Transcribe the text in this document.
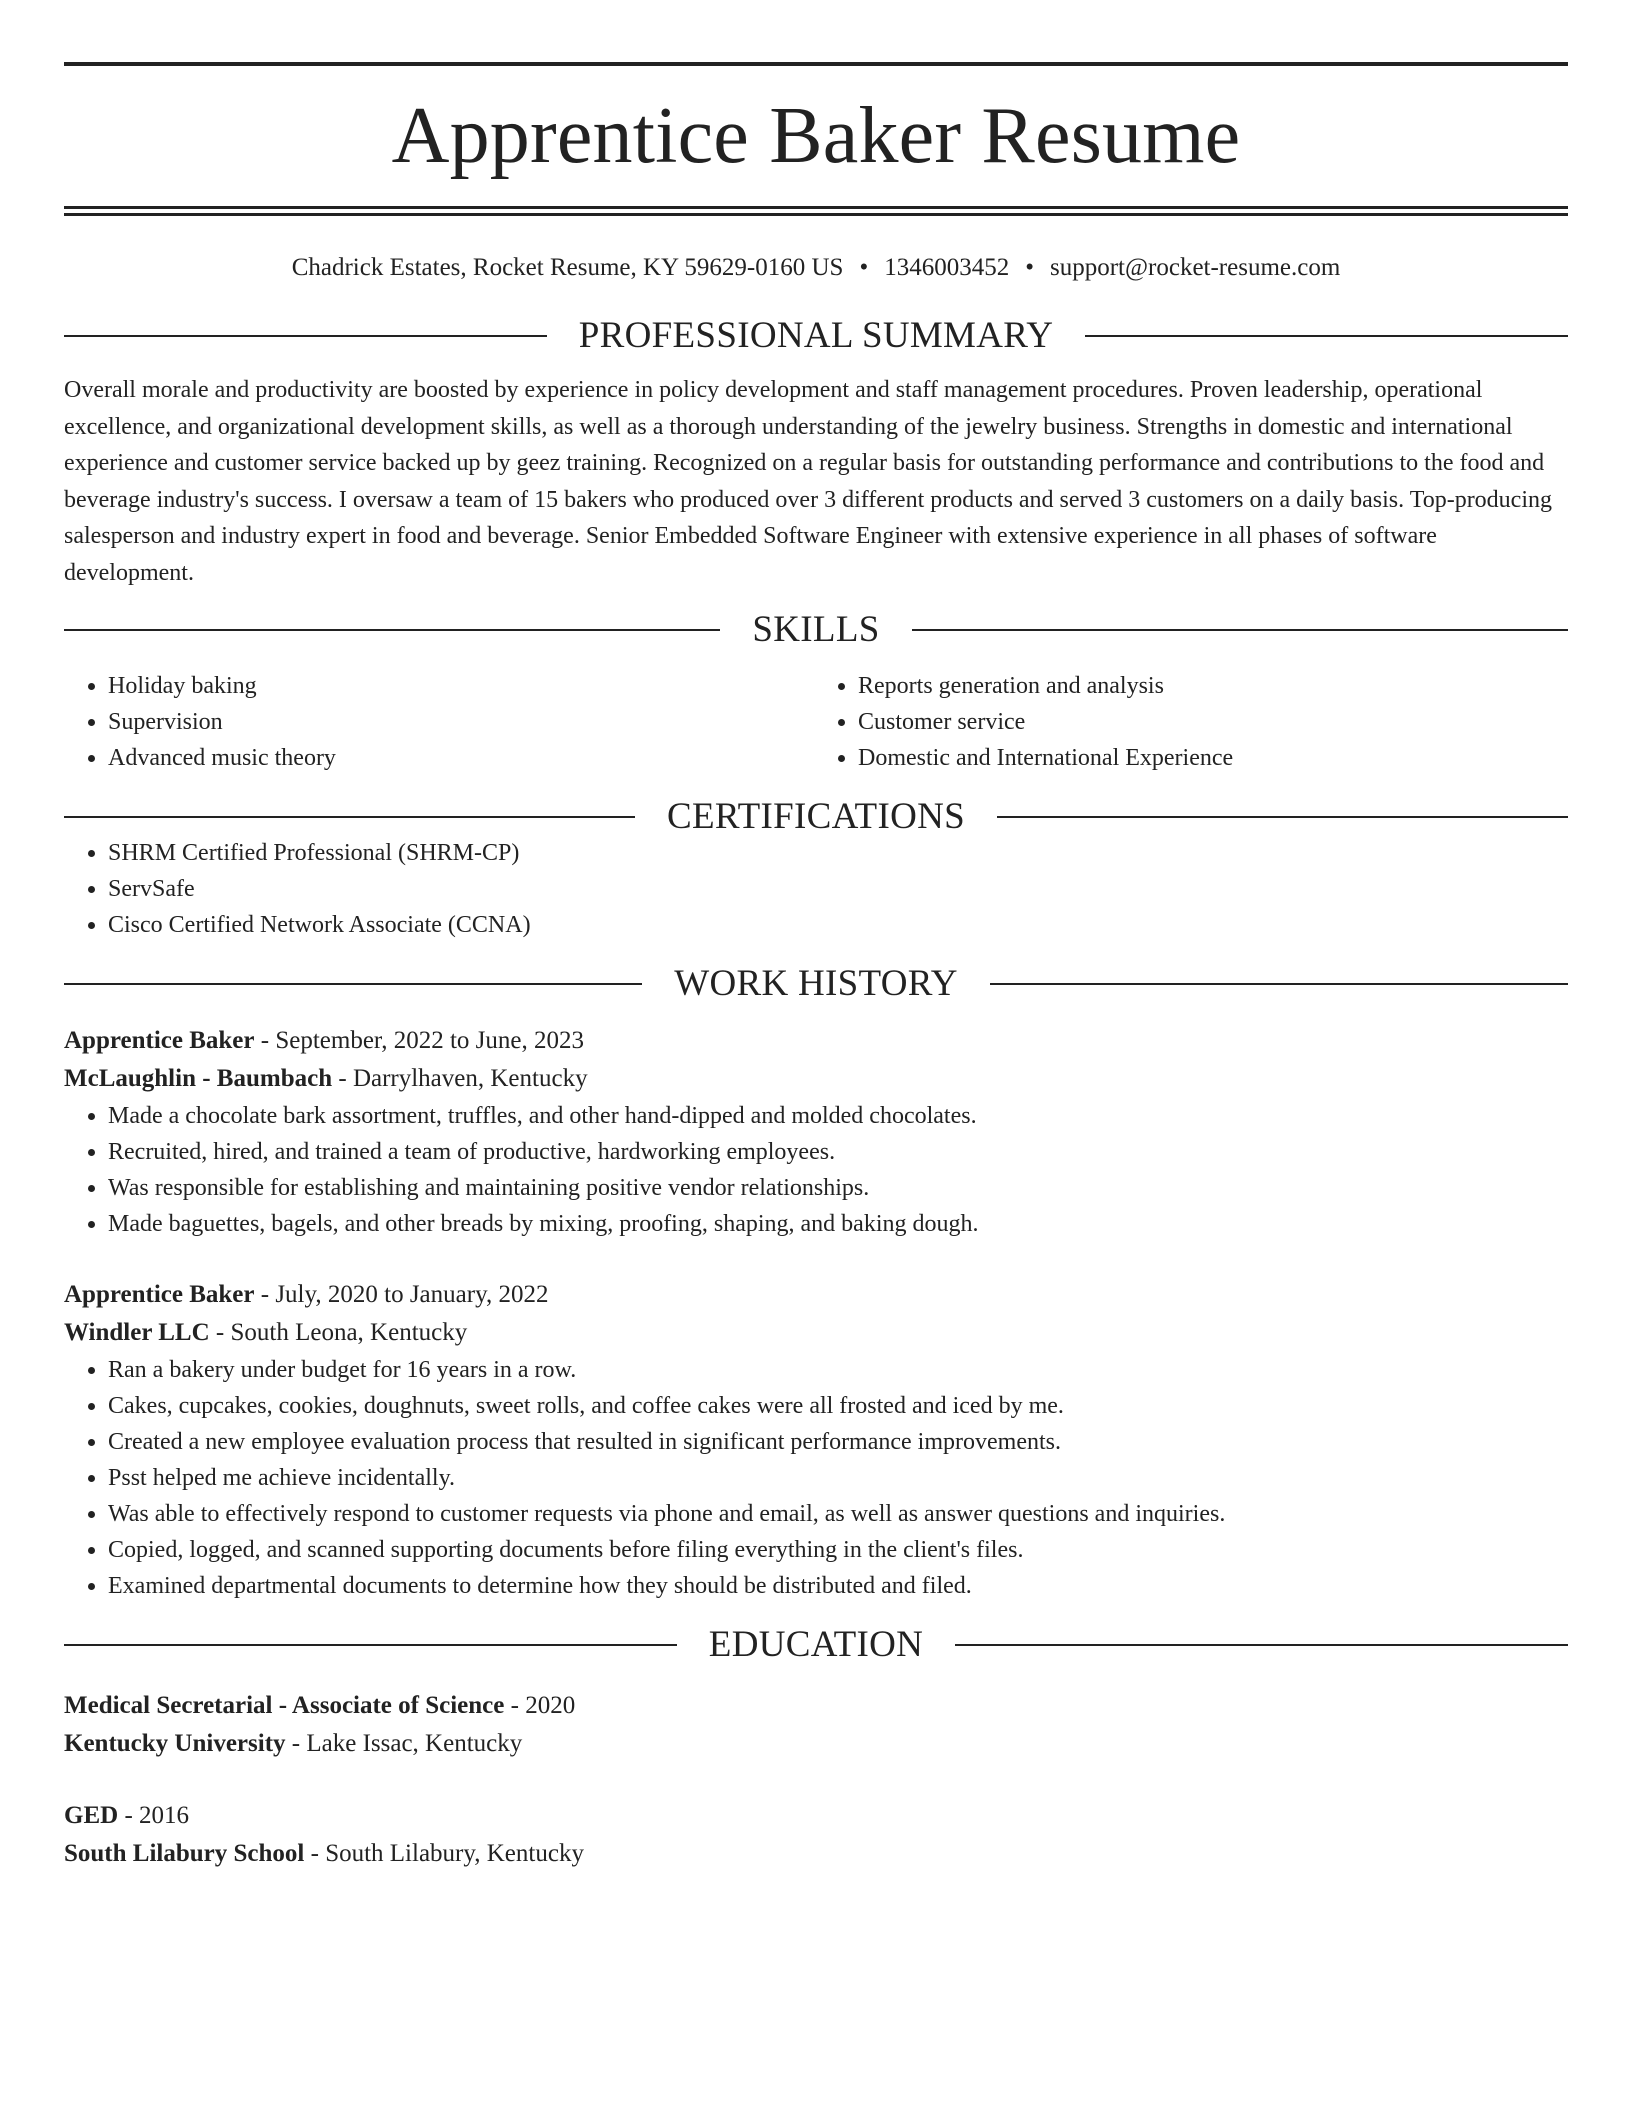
Apprentice Baker Resume
Chadrick Estates, Rocket Resume, KY 59629-0160 US • 1346003452 • support@rocket-resume.com
PROFESSIONAL SUMMARY

Overall morale and productivity are boosted by experience in policy development and staff management procedures. Proven leadership, operational excellence, and organizational development skills, as well as a thorough understanding of the jewelry business. Strengths in domestic and international experience and customer service backed up by geez training. Recognized on a regular basis for outstanding performance and contributions to the food and beverage industry's success. I oversaw a team of 15 bakers who produced over 3 different products and served 3 customers on a daily basis. Top-producing salesperson and industry expert in food and beverage. Senior Embedded Software Engineer with extensive experience in all phases of software development.

SKILLS
• Holiday baking
• Supervision
• Advanced music theory
• Reports generation and analysis
• Customer service
• Domestic and International Experience
CERTIFICATIONS
• SHRM Certified Professional (SHRM-CP)
• ServSafe
• Cisco Certified Network Associate (CCNA)
WORK HISTORY
Apprentice Baker - September, 2022 to June, 2023
McLaughlin - Baumbach - Darrylhaven, Kentucky
• Made a chocolate bark assortment, truffles, and other hand-dipped and molded chocolates.
• Recruited, hired, and trained a team of productive, hardworking employees.
• Was responsible for establishing and maintaining positive vendor relationships.
• Made baguettes, bagels, and other breads by mixing, proofing, shaping, and baking dough.
Apprentice Baker - July, 2020 to January, 2022
Windler LLC - South Leona, Kentucky
• Ran a bakery under budget for 16 years in a row.
• Cakes, cupcakes, cookies, doughnuts, sweet rolls, and coffee cakes were all frosted and iced by me.
• Created a new employee evaluation process that resulted in significant performance improvements.
• Psst helped me achieve incidentally.
• Was able to effectively respond to customer requests via phone and email, as well as answer questions and inquiries.
• Copied, logged, and scanned supporting documents before filing everything in the client's files.
• Examined departmental documents to determine how they should be distributed and filed.
EDUCATION
Medical Secretarial - Associate of Science - 2020
Kentucky University - Lake Issac, Kentucky
GED - 2016
South Lilabury School - South Lilabury, Kentucky
